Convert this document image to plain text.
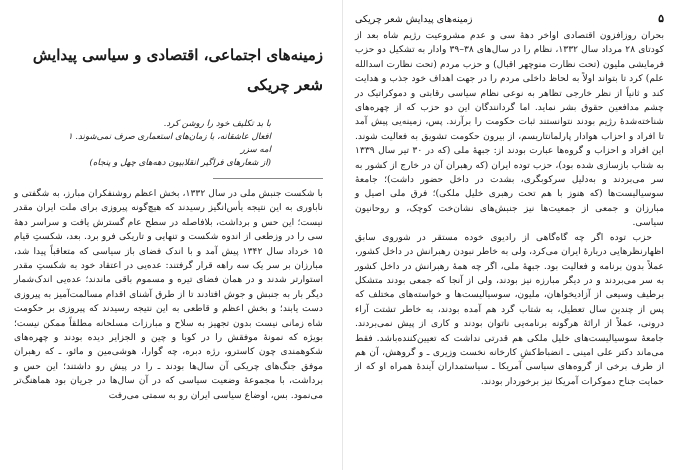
زمینه‌های اجتماعی، اقتصادی و سیاسی پیدایش شعر چریکی
با بد تکلیف خود را روشن کرد.
افعال عاشقانه، با زمان‌های استعماری صرف نمی‌شوند. ۱
امه سزر
(از شعارهای فراگیر انقلابیون دهه‌های چهل و پنجاه)

با شکست جنبش ملی در سال ۱۳۳۲، بخش اعظم روشنفکران مبارز، به شگفتی و ناباوری به این نتیجه یأس‌انگیز رسیدند که هیچ‌گونه پیروزی برای ملت ایران مقدر نیست؛ این حس و برداشت، بلافاصله در سطح عام گسترش یافت و سراسر دههٔ سی را در وزطعی از اندوه شکست و تنهایی و تاریکی فرو برد. بعد، شکستِ قیام ۱۵ خرداد سال ۱۳۴۲ پیش آمد و با اندک فضای باز سیاسی که متعاقباً پیدا شد، مبارزان بر سر یک سه راهه قرار گرفتند: عده‌یی در اعتقاد خود به شکستِ مقدر استوارتر شدند و در همان فضای تیره و مسموم باقی ماندند؛ عده‌یی اندک‌شمار دیگر بار به جنبش و جوش افتادند تا از طرق آشنای اقدام مسالمت‌آمیز به پیروزی دست یابند؛ و بخش اعظم و قاطعی به این نتیجه رسیدند که پیروزی بر حکومت شاه زمانی نیست بدون تجهیز به سلاح و مبارزات مسلحانه مطلقاً ممکن نیست؛ بویژه که نمونهٔ موفقش را در کوبا و چین و الجزایر دیده بودند و چهره‌های شکوهمندی چون کاسترو، رژه دبره، چه گوارا، هوشی‌مین و مائو، ـ که رهبران موفق جنگ‌های چریکی آن سال‌ها بودند ـ را در پیش رو داشتند؛ این حس و برداشت، با مجموعهٔ وضعیت سیاسی که در آن سال‌ها در جریان بود هماهنگ‌تر می‌نمود. بس، اوضاع سیاسی ایران رو به سمتی می‌رفت

۵
زمینه‌های پیدایش شعر چریکی

بحران روزافزون اقتصادی اواخر دههٔ سی و عدم مشروعیت رژیم شاه بعد از کودتای ۲۸ مرداد سال ۱۳۳۲، نظام را در سال‌های ۳۸–۳۹ وادار به تشکیل دو حزب فرمایشی ملیون (تحت نظارت منوچهر اقبال) و حزب مردم (تحت نظارت اسدالله علم) کرد تا بتواند اولاً به لحاظ داخلی مردم را در جهت اهداف خود جذب و هدایت کند و ثانیاً از نظر خارجی تظاهر به نوعی نظام سیاسی رقابتی و دموکراتیک در چشم مدافعین حقوق بشر نماید. اما گردانندگان این دو حزب که از چهره‌های شناخته‌شدهٔ رژیم بودند نتوانستند ثبات حکومت را برآرند. پس، زمینه‌یی پیش آمد تا افراد و احزاب هوادار پارلمانتاریسم، از بیرون حکومت تشویق به فعالیت شوند. این افراد و احزاب و گروه‌ها عبارت بودند از: جبههٔ ملی (که در ۳۰ تیر سال ۱۳۳۹ به شتاب بازسازی شده بود)، حزب توده ایران (که رهبران آن در خارج از کشور به سر می‌بردند و به‌دلیل سرکوبگری، بشدت در داخل حضور داشت)؛ جامعهٔ سوسیالیست‌ها (که هنوز با هم تحت رهبری خلیل ملکی)؛ فرق ملی اصیل و مبارزان و جمعی از جمعیت‌ها نیز جنبش‌های نشان‌خت کوچک، و روحانیون سیاسی.

حزب توده اگر چه گاه‌گاهی از رادیوی خوده مستقر در شوروی سابق اظهار‌نظرهایی دربارهٔ ایران می‌کرد، ولی به خاطر نبودن رهبرانش در داخل کشور، عملاً بدون برنامه و فعالیت بود. جبههٔ ملی، اگر چه همهٔ رهبرانش در داخل کشور به سر می‌بردند و در دیگر مبارزه نیز بودند، ولی از آنجا که جمعی بودند متشکل برطیف وسیعی از آزادیخواهان، ملیون، سوسیالیست‌ها و خواسته‌های مختلف که پس از چندین سال تعطیل، به شتاب گرد هم آمده بودند، به خاطر تشتت آراء درونی، عملاً از ارائهٔ هرگونه برنامه‌یی ناتوان بودند و کاری از پیش نمی‌بردند. جامعهٔ سوسیالیست‌های خلیل ملکی هم قدرتی نداشت که تعیین‌کننده‌باشد. فقط می‌ماند دکتر علی امینی ـ انضباط‌کشِ کارخانه نخست وزیری ـ و گروهش، آن هم از طرف برخی از گروه‌های سیاسی آمریکا ـ سیاستمداران آیندهٔ همراه او که از حمایت جناح دموکرات آمریکا نیز برخوردار بودند.
